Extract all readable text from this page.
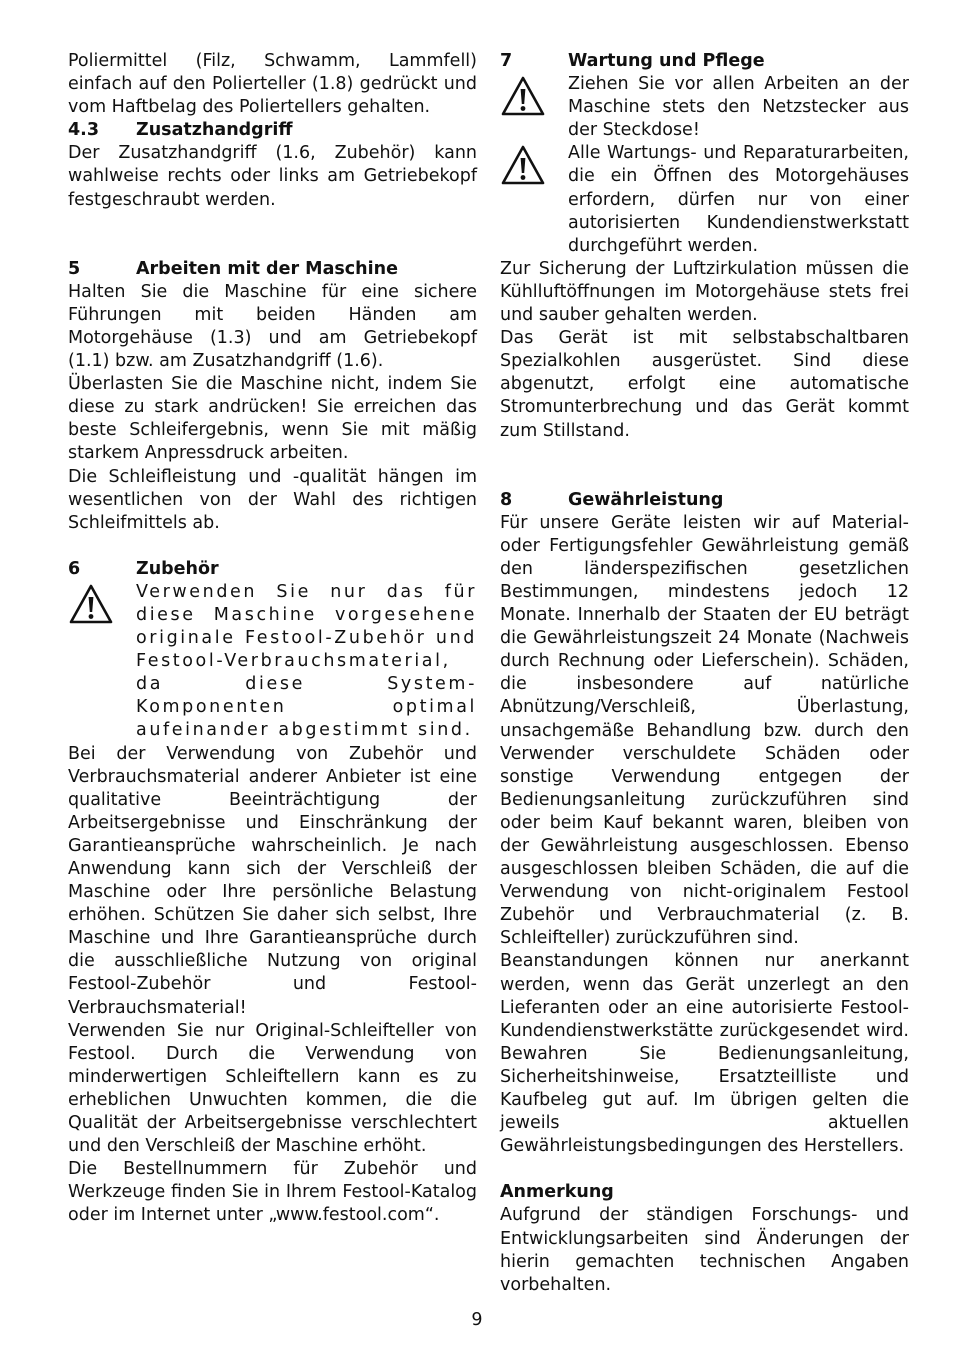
Poliermittel (Filz, Schwamm, Lammfell) einfach auf den Polierteller (1.8) gedrückt und vom Haftbelag des Poliertellers gehalten.

4.3	Zusatzhandgriff

Der Zusatzhandgriff (1.6, Zubehör) kann wahlweise rechts oder links am Getriebekopf festgeschraubt werden.

5	Arbeiten mit der Maschine

Halten Sie die Maschine für eine sichere Führungen mit beiden Händen am Motorgehäuse (1.3) und am Getriebekopf (1.1) bzw. am Zusatzhandgriff (1.6).

Überlasten Sie die Maschine nicht, indem Sie diese zu stark andrücken! Sie erreichen das beste Schleifergebnis, wenn Sie mit mäßig starkem Anpressdruck arbeiten.

Die Schleifleistung und -qualität hängen im wesentlichen von der Wahl des richtigen Schleifmittels ab.

6	Zubehör

Verwenden Sie nur das für diese Maschine vorgesehene originale Festool-Zubehör und Festool-Verbrauchsmaterial, da diese System-Komponenten optimal aufeinander abgestimmt sind.

Bei der Verwendung von Zubehör und Verbrauchsmaterial anderer Anbieter ist eine qualitative Beeinträchtigung der Arbeitsergebnisse und Einschränkung der Garantieansprüche wahrscheinlich. Je nach Anwendung kann sich der Verschleiß der Maschine oder Ihre persönliche Belastung erhöhen. Schützen Sie daher sich selbst, Ihre Maschine und Ihre Garantieansprüche durch die ausschließliche Nutzung von original Festool-Zubehör und Festool-Verbrauchsmaterial!

Verwenden Sie nur Original-Schleifteller von Festool. Durch die Verwendung von minderwertigen Schleiftellern kann es zu erheblichen Unwuchten kommen, die die Qualität der Arbeitsergebnisse verschlechtert und den Verschleiß der Maschine erhöht.

Die Bestellnummern für Zubehör und Werkzeuge finden Sie in Ihrem Festool-Katalog oder im Internet unter „www.festool.com“.

7	Wartung und Pflege

Ziehen Sie vor allen Arbeiten an der Maschine stets den Netzstecker aus der Steckdose!

Alle Wartungs- und Reparaturarbeiten, die ein Öffnen des Motorgehäuses erfordern, dürfen nur von einer autorisierten Kundendienstwerkstatt durchgeführt werden.

Zur Sicherung der Luftzirkulation müssen die Kühlluftöffnungen im Motorgehäuse stets frei und sauber gehalten werden.

Das Gerät ist mit selbstabschaltbaren Spezialkohlen ausgerüstet. Sind diese abgenutzt, erfolgt eine automatische Stromunterbrechung und das Gerät kommt zum Stillstand.

8	Gewährleistung

Für unsere Geräte leisten wir auf Material- oder Fertigungsfehler Gewährleistung gemäß den länderspezifischen gesetzlichen Bestimmungen, mindestens jedoch 12 Monate. Innerhalb der Staaten der EU beträgt die Gewährleistungszeit 24 Monate (Nachweis durch Rechnung oder Lieferschein). Schäden, die insbesondere auf natürliche Abnützung/Verschleiß, Überlastung, unsachgemäße Behandlung bzw. durch den Verwender verschuldete Schäden oder sonstige Verwendung entgegen der Bedienungsanleitung zurückzuführen sind oder beim Kauf bekannt waren, bleiben von der Gewährleistung ausgeschlossen. Ebenso ausgeschlossen bleiben Schäden, die auf die Verwendung von nicht-originalem Festool Zubehör und Verbrauchmaterial (z. B. Schleifteller) zurückzuführen sind.

Beanstandungen können nur anerkannt werden, wenn das Gerät unzerlegt an den Lieferanten oder an eine autorisierte Festool-Kundendienstwerkstätte zurückgesendet wird. Bewahren Sie Bedienungsanleitung, Sicherheitshinweise, Ersatzteilliste und Kaufbeleg gut auf. Im übrigen gelten die jeweils aktuellen Gewährleistungsbedingungen des Herstellers.

Anmerkung

Aufgrund der ständigen Forschungs- und Entwicklungsarbeiten sind Änderungen der hierin gemachten technischen Angaben vorbehalten.

9
